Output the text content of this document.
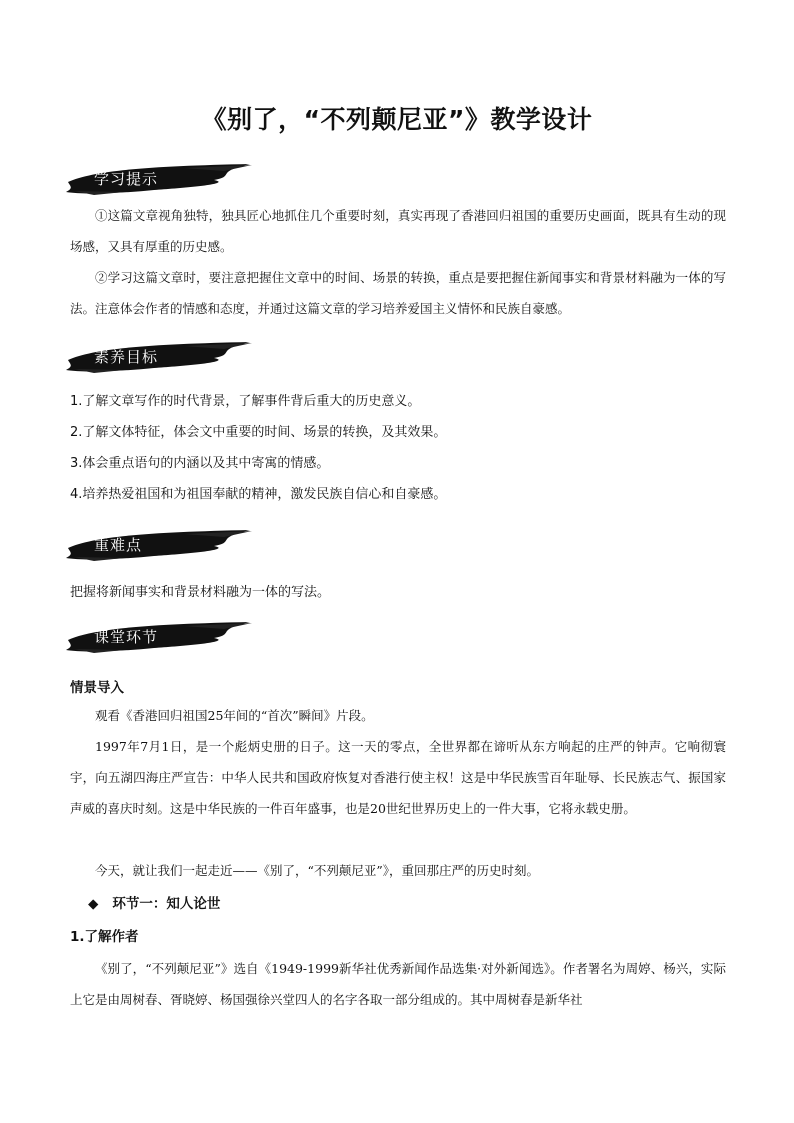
《别了，“不列颠尼亚”》教学设计
学习提示
①这篇文章视角独特，独具匠心地抓住几个重要时刻，真实再现了香港回归祖国的重要历史画面，既具有生动的现场感，又具有厚重的历史感。
②学习这篇文章时，要注意把握住文章中的时间、场景的转换，重点是要把握住新闻事实和背景材料融为一体的写法。注意体会作者的情感和态度，并通过这篇文章的学习培养爱国主义情怀和民族自豪感。
素养目标
1.了解文章写作的时代背景，了解事件背后重大的历史意义。
2.了解文体特征，体会文中重要的时间、场景的转换，及其效果。
3.体会重点语句的内涵以及其中寄寓的情感。
4.培养热爱祖国和为祖国奉献的精神，激发民族自信心和自豪感。
重难点
把握将新闻事实和背景材料融为一体的写法。
课堂环节
情景导入
观看《香港回归祖国25年间的“首次”瞬间》片段。
1997年7月1日，是一个彪炳史册的日子。这一天的零点，全世界都在谛听从东方响起的庄严的钟声。它响彻寰宇，向五湖四海庄严宣告：中华人民共和国政府恢复对香港行使主权！这是中华民族雪百年耻辱、长民族志气、振国家声威的喜庆时刻。这是中华民族的一件百年盛事，也是20世纪世界历史上的一件大事，它将永载史册。
今天，就让我们一起走近——《别了，“不列颠尼亚”》，重回那庄严的历史时刻。
◆ 环节一：知人论世
1.了解作者
《别了，“不列颠尼亚”》选自《1949-1999新华社优秀新闻作品选集·对外新闻选》。作者署名为周婷、杨兴，实际上它是由周树春、胥晓婷、杨国强徐兴堂四人的名字各取一部分组成的。其中周树春是新华社
